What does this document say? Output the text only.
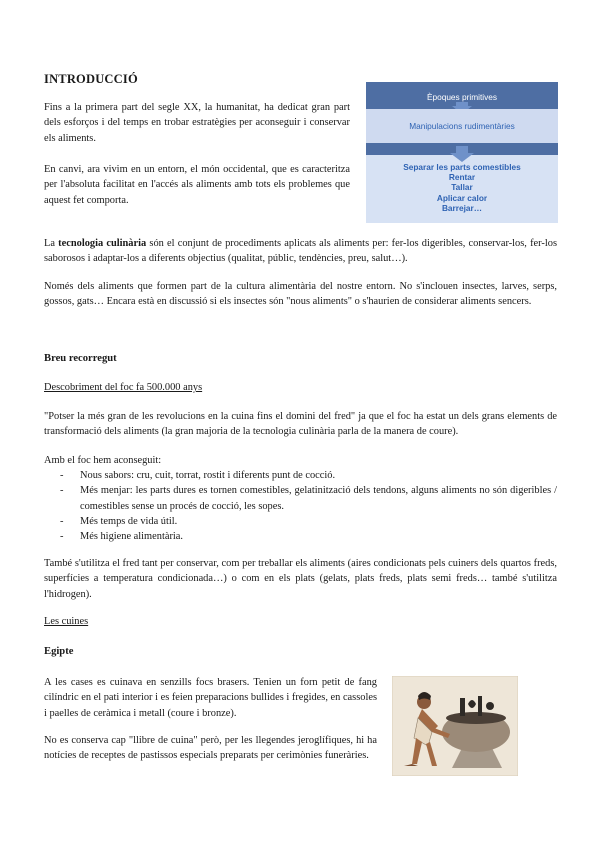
INTRODUCCIÓ

Fins a la primera part del segle XX, la humanitat, ha dedicat gran part dels esforços i del temps en trobar estratègies per aconseguir i conservar els aliments.

En canvi, ara vivim en un entorn, el món occidental, que es caracteritza per l'absoluta facilitat en l'accés als aliments amb tots els problemes que aquest fet comporta.

Èpoques primitives
Manipulacions rudimentàries
Separar les parts comestibles
Rentar
Tallar
Aplicar calor
Barrejar…

La tecnologia culinària són el conjunt de procediments aplicats als aliments per: fer-los digeribles, conservar-los, fer-los saborosos i adaptar-los a diferents objectius (qualitat, públic, tendències, preu, salut…).

Només dels aliments que formen part de la cultura alimentària del nostre entorn. No s'inclouen insectes, larves, serps, gossos, gats… Encara està en discussió si els insectes són "nous aliments" o s'haurien de considerar aliments sencers.

Breu recorregut

Descobriment del foc fa 500.000 anys

"Potser la més gran de les revolucions en la cuina fins el domini del fred" ja que el foc ha estat un dels grans elements de transformació dels aliments (la gran majoria de la tecnologia culinària parla de la manera de coure).

Amb el foc hem aconseguit:

- Nous sabors: cru, cuit, torrat, rostit i diferents punt de cocció.
- Més menjar: les parts dures es tornen comestibles, gelatinització dels tendons, alguns aliments no són digeribles / comestibles sense un procés de cocció, les sopes.
- Més temps de vida útil.
- Més higiene alimentària.

També s'utilitza el fred tant per conservar, com per treballar els aliments (aires condicionats pels cuiners dels quartos freds, superfícies a temperatura condicionada…) o com en els plats (gelats, plats freds, plats semi freds… també s'utilitza l'hidrogen).

Les cuines

Egipte

A les cases es cuinava en senzills focs brasers. Tenien un forn petit de fang cilíndric en el pati interior i es feien preparacions bullides i fregides, en cassoles i paelles de ceràmica i metall (coure i bronze).

No es conserva cap "llibre de cuina" però, per les llegendes jeroglífiques, hi ha notícies de receptes de pastissos especials preparats per cerimònies funeràries.
